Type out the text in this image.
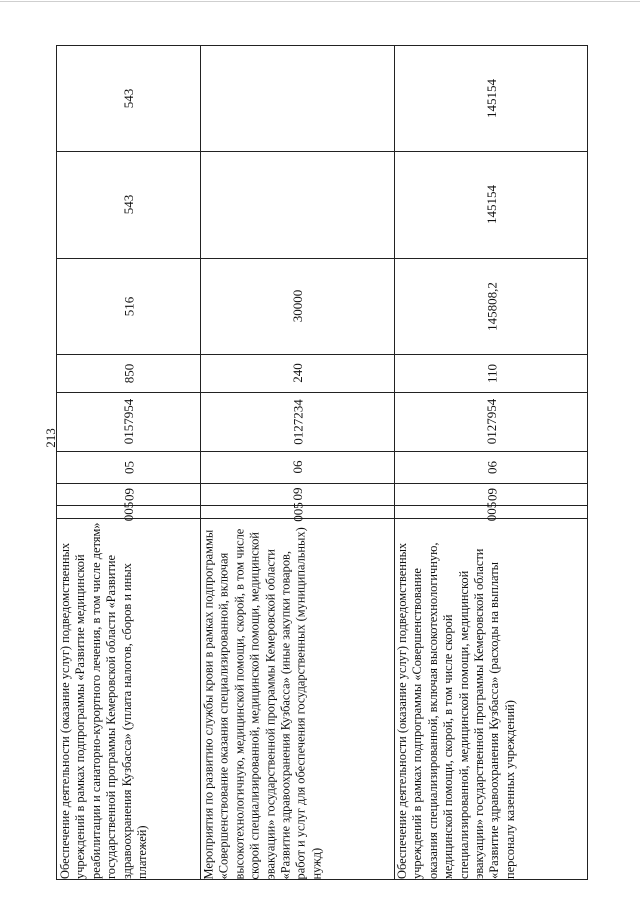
213
543
543
516
850
0157954
05
09
005
Обеспечение деятельности (оказание услуг) подведомственных учреждений в рамках подпрограммы «Развитие медицинской реабилитации и санаторно-курортного лечения, в том числе детям» государственной программы Кемеровской области «Развитие здравоохранения Кузбасса» (уплата налогов, сборов и иных платежей)
30000
240
0127234
06
09
005
Мероприятия по развитию службы крови в рамках подпрограммы «Совершенствование оказания специализированной, включая высокотехнологичную, медицинской помощи, скорой, в том числе скорой специализированной, медицинской помощи, медицинской эвакуации» государственной программы Кемеровской области «Развитие здравоохранения Кузбасса» (иные закупки товаров, работ и услуг для обеспечения государственных (муниципальных) нужд)
145154
145154
145808,2
110
0127954
06
09
005
Обеспечение деятельности (оказание услуг) подведомственных учреждений в рамках подпрограммы «Совершенствование оказания специализированной, включая высокотехнологичную, медицинской помощи, скорой, в том числе скорой специализированной, медицинской помощи, медицинской эвакуации» государственной программы Кемеровской области «Развитие здравоохранения Кузбасса» (расходы на выплаты персоналу казенных учреждений)
